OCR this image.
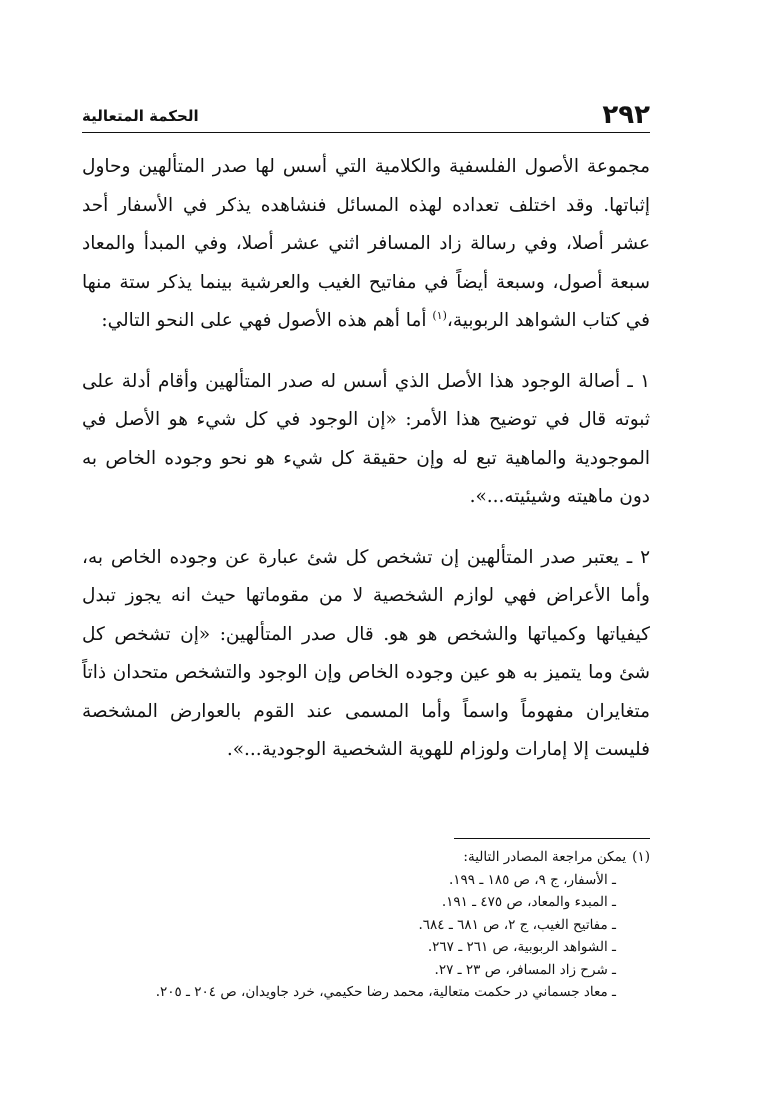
٢٩٢
الحكمة المتعالية

مجموعة الأصول الفلسفية والكلامية التي أسس لها صدر المتألهين وحاول إثباتها. وقد اختلف تعداده لهذه المسائل فنشاهده يذكر في الأسفار أحد عشر أصلا، وفي رسالة زاد المسافر اثني عشر أصلا، وفي المبدأ والمعاد سبعة أصول، وسبعة أيضاً في مفاتيح الغيب والعرشية بينما يذكر ستة منها في كتاب الشواهد الربوبية،$^{(١)}$ أما أهم هذه الأصول فهي على النحو التالي:

١ ـ أصالة الوجود هذا الأصل الذي أسس له صدر المتألهين وأقام أدلة على ثبوته قال في توضيح هذا الأمر: «إن الوجود في كل شيء هو الأصل في الموجودية والماهية تبع له وإن حقيقة كل شيء هو نحو وجوده الخاص به دون ماهيته وشيئيته...».

٢ ـ يعتبر صدر المتألهين إن تشخص كل شئ عبارة عن وجوده الخاص به، وأما الأعراض فهي لوازم الشخصية لا من مقوماتها حيث انه يجوز تبدل كيفياتها وكمياتها والشخص هو هو. قال صدر المتألهين: «إن تشخص كل شئ وما يتميز به هو عين وجوده الخاص وإن الوجود والتشخص متحدان ذاتاً متغايران مفهوماً واسماً وأما المسمى عند القوم بالعوارض المشخصة فليست إلا إمارات ولوزام للهوية الشخصية الوجودية...».

(١)يمكن مراجعة المصادر التالية:

ـ الأسفار، ج ٩، ص ١٨٥ ـ ١٩٩.
ـ المبدء والمعاد، ص ٤٧٥ ـ ١٩١.
ـ مفاتيح الغيب، ج ٢، ص ٦٨١ ـ ٦٨٤.
ـ الشواهد الربوبية، ص ٢٦١ ـ ٢٦٧.
ـ شرح زاد المسافر، ص ٢٣ ـ ٢٧.
ـ معاد جسماني در حكمت متعالية، محمد رضا حكيمي، خرد جاويدان، ص ٢٠٤ ـ ٢٠٥.
